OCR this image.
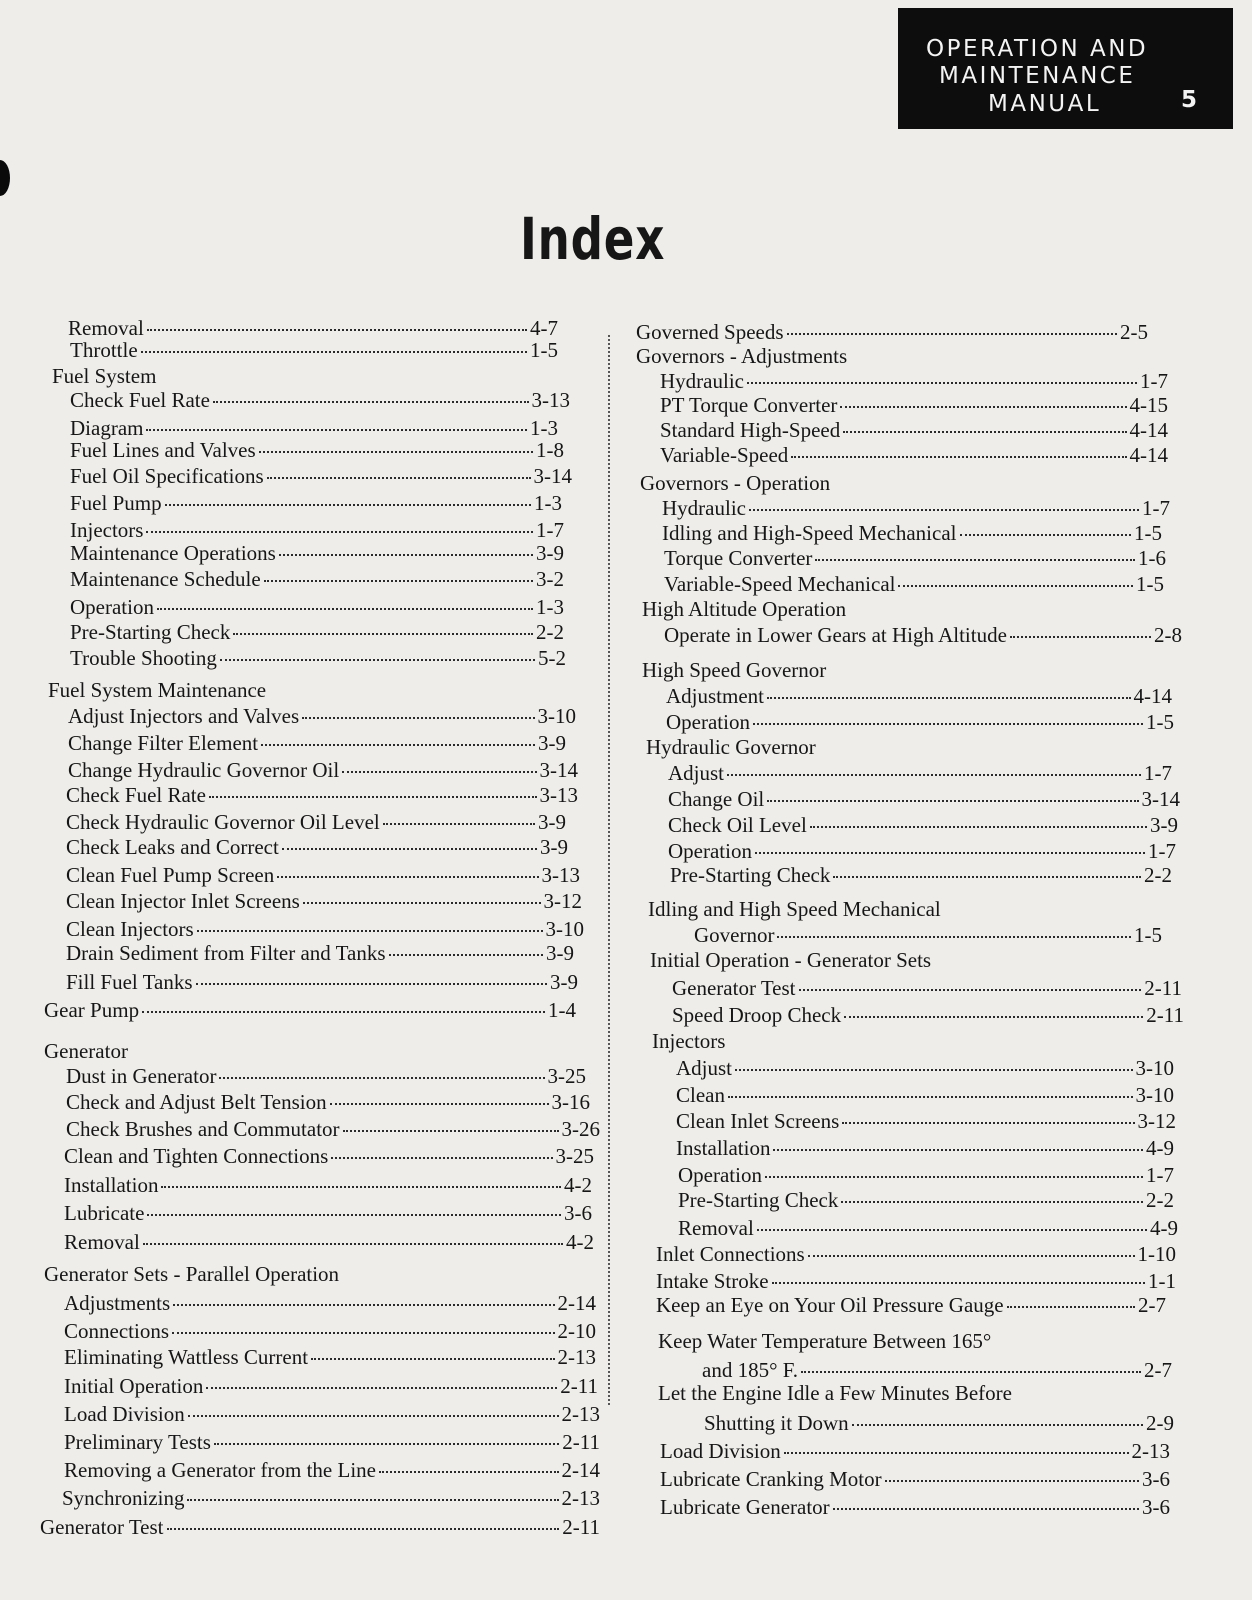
OPERATION AND
MAINTENANCE
MANUAL	5
Index
Removal	4-7
Throttle	1-5
Fuel System
Check Fuel Rate	3-13
Diagram	1-3
Fuel Lines and Valves	1-8
Fuel Oil Specifications	3-14
Fuel Pump	1-3
Injectors	1-7
Maintenance Operations	3-9
Maintenance Schedule	3-2
Operation	1-3
Pre-Starting Check	2-2
Trouble Shooting	5-2
Fuel System Maintenance
Adjust Injectors and Valves	3-10
Change Filter Element	3-9
Change Hydraulic Governor Oil	3-14
Check Fuel Rate	3-13
Check Hydraulic Governor Oil Level	3-9
Check Leaks and Correct	3-9
Clean Fuel Pump Screen	3-13
Clean Injector Inlet Screens	3-12
Clean Injectors	3-10
Drain Sediment from Filter and Tanks	3-9
Fill Fuel Tanks	3-9
Gear Pump	1-4
Generator
Dust in Generator	3-25
Check and Adjust Belt Tension	3-16
Check Brushes and Commutator	3-26
Clean and Tighten Connections	3-25
Installation	4-2
Lubricate	3-6
Removal	4-2
Generator Sets - Parallel Operation
Adjustments	2-14
Connections	2-10
Eliminating Wattless Current	2-13
Initial Operation	2-11
Load Division	2-13
Preliminary Tests	2-11
Removing a Generator from the Line	2-14
Synchronizing	2-13
Generator Test	2-11
Governed Speeds	2-5
Governors - Adjustments
Hydraulic	1-7
PT Torque Converter	4-15
Standard High-Speed	4-14
Variable-Speed	4-14
Governors - Operation
Hydraulic	1-7
Idling and High-Speed Mechanical	1-5
Torque Converter	1-6
Variable-Speed Mechanical	1-5
High Altitude Operation
Operate in Lower Gears at High Altitude	2-8
High Speed Governor
Adjustment	4-14
Operation	1-5
Hydraulic Governor
Adjust	1-7
Change Oil	3-14
Check Oil Level	3-9
Operation	1-7
Pre-Starting Check	2-2
Idling and High Speed Mechanical
Governor	1-5
Initial Operation - Generator Sets
Generator Test	2-11
Speed Droop Check	2-11
Injectors
Adjust	3-10
Clean	3-10
Clean Inlet Screens	3-12
Installation	4-9
Operation	1-7
Pre-Starting Check	2-2
Removal	4-9
Inlet Connections	1-10
Intake Stroke	1-1
Keep an Eye on Your Oil Pressure Gauge	2-7
Keep Water Temperature Between 165°
and 185° F.	2-7
Let the Engine Idle a Few Minutes Before
Shutting it Down	2-9
Load Division	2-13
Lubricate Cranking Motor	3-6
Lubricate Generator	3-6
